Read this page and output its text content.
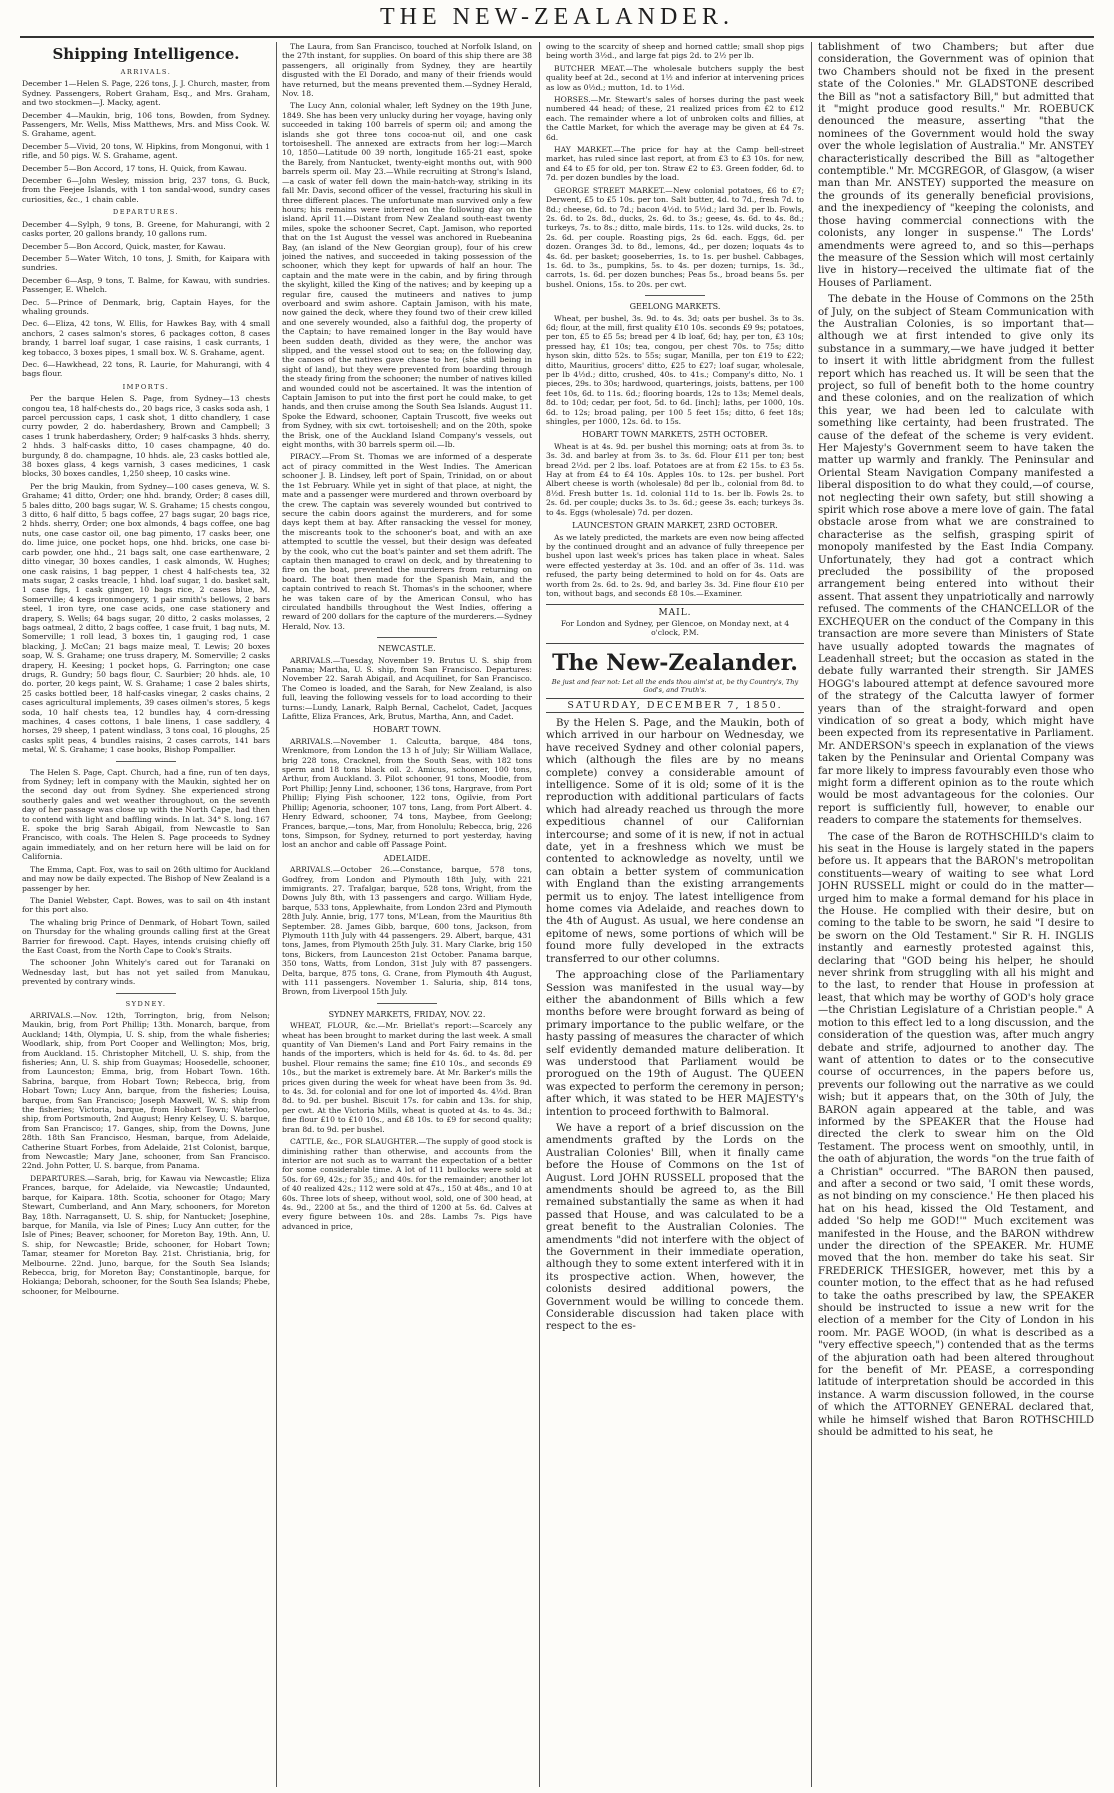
THE NEW-ZEALANDER.
Shipping Intelligence.
ARRIVALS.

December 1—Helen S. Page, 226 tons, J. J. Church, master, from Sydney. Passengers, Robert Graham, Esq., and Mrs. Graham, and two stockmen—J. Macky, agent.

December 4—Maukin, brig, 106 tons, Bowden, from Sydney. Passengers, Mr. Wells, Miss Matthews, Mrs. and Miss Cook. W. S. Grahame, agent.

December 5—Vivid, 20 tons, W. Hipkins, from Mongonui, with 1 rifle, and 50 pigs. W. S. Grahame, agent.

December 5—Bon Accord, 17 tons, H. Quick, from Kawau.

December 6—John Wesley, mission brig, 237 tons, G. Buck, from the Feejee Islands, with 1 ton sandal-wood, sundry cases curiosities, &c., 1 chain cable.

DEPARTURES.

December 4—Sylph, 9 tons, B. Greene, for Mahurangi, with 2 casks porter, 20 gallons brandy, 10 gallons rum.

December 5—Bon Accord, Quick, master, for Kawau.

December 5—Water Witch, 10 tons, J. Smith, for Kaipara with sundries.

December 6—Asp, 9 tons, T. Balme, for Kawau, with sundries. Passenger, E. Whelch.

Dec. 5—Prince of Denmark, brig, Captain Hayes, for the whaling grounds.

Dec. 6—Eliza, 42 tons, W. Ellis, for Hawkes Bay, with 4 small anchors, 2 cases salmon's stores, 6 packages cotton, 8 cases brandy, 1 barrel loaf sugar, 1 case raisins, 1 cask currants, 1 keg tobacco, 3 boxes pipes, 1 small box. W. S. Grahame, agent.

Dec. 6—Hawkhead, 22 tons, R. Laurie, for Mahurangi, with 4 bags flour.

IMPORTS.

Per the barque Helen S. Page, from Sydney—13 chests congou tea, 18 half-chests do., 20 bags rice, 3 casks soda ash, 1 parcel percussion caps, 1 cask shot, 1 ditto chandlery, 1 case curry powder, 2 do. haberdashery, Brown and Campbell; 3 cases 1 trunk haberdashery, Order; 9 half-casks 3 hhds. sherry, 2 hhds. 3 half-casks ditto, 10 cases champagne, 40 do. burgundy, 8 do. champagne, 10 hhds. ale, 23 casks bottled ale, 38 boxes glass, 4 kegs varnish, 3 cases medicines, 1 cask blocks, 30 boxes candles, 1,250 sheep, 10 casks wine.

Per the brig Maukin, from Sydney—100 cases geneva, W. S. Grahame; 41 ditto, Order; one hhd. brandy, Order; 8 cases dill, 5 bales ditto, 200 bags sugar, W. S. Grahame; 15 chests congou, 3 ditto, 6 half ditto, 5 bags coffee, 27 bags sugar, 20 bags rice, 2 hhds. sherry, Order; one box almonds, 4 bags coffee, one bag nuts, one case castor oil, one bag pimento, 17 casks beer, one do. lime juice, one pocket hops, one hhd. bricks, one case bi-carb powder, one hhd., 21 bags salt, one case earthenware, 2 ditto vinegar, 30 boxes candles, 1 cask almonds, W. Hughes; one cask raisins, 1 bag pepper, 1 chest 4 half-chests tea, 32 mats sugar, 2 casks treacle, 1 hhd. loaf sugar, 1 do. basket salt, 1 case figs, 1 cask ginger, 10 bags rice, 2 cases blue, M. Somerville; 4 kegs ironmongery, 1 pair smith's bellows, 2 bars steel, 1 iron tyre, one case acids, one case stationery and drapery, S. Wells; 64 bags sugar, 20 ditto, 2 casks molasses, 2 bags oatmeal, 2 ditto, 2 bags coffee, 1 case fruit, 1 bag nuts, M. Somerville; 1 roll lead, 3 boxes tin, 1 gauging rod, 1 case blacking, J. McCan; 21 bags maize meal, T. Lewis; 20 boxes soap, W. S. Grahame; one truss drapery, M. Somerville; 2 casks drapery, H. Keesing; 1 pocket hops, G. Farrington; one case drugs, R. Gundry; 50 bags flour, C. Saurbier; 20 hhds. ale, 10 do. porter, 20 kegs paint, W. S. Grahame; 1 case 2 bales shirts, 25 casks bottled beer, 18 half-casks vinegar, 2 casks chains, 2 cases agricultural implements, 39 cases oilmen's stores, 5 kegs soda, 10 half chests tea, 12 bundles hay, 4 corn-dressing machines, 4 cases cottons, 1 bale linens, 1 case saddlery, 4 horses, 29 sheep, 1 patent windlass, 3 tons coal, 16 ploughs, 25 casks split peas, 4 bundles raisins, 2 cases carrots, 141 bars metal, W. S. Grahame; 1 case books, Bishop Pompallier.

The Helen S. Page, Capt. Church, had a fine, run of ten days, from Sydney; left in company with the Maukin, sighted her on the second day out from Sydney. She experienced strong southerly gales and wet weather throughout, on the seventh day of her passage was close up with the North Cape, had then to contend with light and baffling winds. In lat. 34° S. long. 167 E. spoke the brig Sarah Abigail, from Newcastle to San Francisco, with coals. The Helen S. Page proceeds to Sydney again immediately, and on her return here will be laid on for California.

The Emma, Capt. Fox, was to sail on 26th ultimo for Auckland and may now be daily expected. The Bishop of New Zealand is a passenger by her.

The Daniel Webster, Capt. Bowes, was to sail on 4th instant for this port also.

The whaling brig Prince of Denmark, of Hobart Town, sailed on Thursday for the whaling grounds calling first at the Great Barrier for firewood. Capt. Hayes, intends cruising chiefly off the East Coast, from the North Cape to Cook's Straits.

The schooner John Whitely's cared out for Taranaki on Wednesday last, but has not yet sailed from Manukau, prevented by contrary winds.

SYDNEY.

ARRIVALS.—Nov. 12th, Torrington, brig, from Nelson; Maukin, brig, from Port Phillip; 13th. Monarch, barque, from Auckland; 14th, Olympia, U. S. ship, from the whale fisheries; Woodlark, ship, from Port Cooper and Wellington; Mos, brig, from Auckland. 15. Christopher Mitchell, U. S. ship, from the fisheries; Ann, U. S. ship from Guaymas; Hoosedelle, schooner, from Launceston; Emma, brig, from Hobart Town. 16th. Sabrina, barque, from Hobart Town; Rebecca, brig, from Hobart Town; Lucy Ann, barque, from the fisheries; Louisa, barque, from San Francisco; Joseph Maxwell, W. S. ship from the fisheries; Victoria, barque, from Hobart Town; Waterloo, ship, from Portsmouth, 2nd August; Henry Kelsey, U. S. barque, from San Francisco; 17. Ganges, ship, from the Downs, June 28th. 18th San Francisco, Hesman, barque, from Adelaide, Catherine Stuart Forbes, from Adelaide, 21st Colonist, barque, from Newcastle; Mary Jane, schooner, from San Francisco. 22nd. John Potter, U. S. barque, from Panama.

DEPARTURES.—Sarah, brig, for Kawau via Newcastle; Eliza Frances, barque, for Adelaide, via Newcastle; Undaunted, barque, for Kaipara. 18th. Scotia, schooner for Otago; Mary Stewart, Cumberland, and Ann Mary, schooners, for Moreton Bay, 18th. Narragansett, U. S. ship, for Nantucket; Josephine, barque, for Manila, via Isle of Pines; Lucy Ann cutter, for the Isle of Pines; Beaver, schooner, for Moreton Bay, 19th. Ann, U. S. ship, for Newcastle; Bride, schooner, for Hobart Town; Tamar, steamer for Moreton Bay. 21st. Christiania, brig, for Melbourne. 22nd. Juno, barque, for the South Sea Islands; Rebecca, brig, for Moreton Bay; Constantinople, barque, for Hokianga; Deborah, schooner, for the South Sea Islands; Phebe, schooner, for Melbourne.

The Laura, from San Francisco, touched at Norfolk Island, on the 27th instant, for supplies. On board of this ship there are 38 passengers, all originally from Sydney, they are heartily disgusted with the El Dorado, and many of their friends would have returned, but the means prevented them.—Sydney Herald, Nov. 18.

The Lucy Ann, colonial whaler, left Sydney on the 19th June, 1849. She has been very unlucky during her voyage, having only succeeded in taking 100 barrels of sperm oil; and among the islands she got three tons cocoa-nut oil, and one cask tortoiseshell. The annexed are extracts from her log:—March 10, 1850—Latitude 00 39 north, longitude 165·21 east, spoke the Barely, from Nantucket, twenty-eight months out, with 900 barrels sperm oil. May 23.—While recruiting at Strong's Island,—a cask of water fell down the main-hatch-way, striking in its fall Mr. Davis, second officer of the vessel, fracturing his skull in three different places. The unfortunate man survived only a few hours; his remains were interred on the following day on the island. April 11.—Distant from New Zealand south-east twenty miles, spoke the schooner Secret, Capt. Jamison, who reported that on the 1st August the vessel was anchored in Ruebeanina Bay, (an island of the New Georgian group), four of his crew joined the natives, and succeeded in taking possession of the schooner, which they kept for upwards of half an hour. The captain and the mate were in the cabin, and by firing through the skylight, killed the King of the natives; and by keeping up a regular fire, caused the mutineers and natives to jump overboard and swim ashore. Captain Jamison, with his mate, now gained the deck, where they found two of their crew killed and one severely wounded, also a faithful dog, the property of the Captain; to have remained longer in the Bay would have been sudden death, divided as they were, the anchor was slipped, and the vessel stood out to sea; on the following day, the canoes of the natives gave chase to her, (she still being in sight of land), but they were prevented from boarding through the steady firing from the schooner; the number of natives killed and wounded could not be ascertained. It was the intention of Captain Jamison to put into the first port he could make, to get hands, and then cruise among the South Sea Islands. August 11. Spoke the Edward, schooner, Captain Truscott, five weeks out from Sydney, with six cwt. tortoiseshell; and on the 20th, spoke the Brisk, one of the Auckland Island Company's vessels, out eight months, with 30 barrels sperm oil.—Ib.

PIRACY.—From St. Thomas we are informed of a desperate act of piracy committed in the West Indies. The American schooner J. B. Lindsey, left port of Spain, Trinidad, on or about the 1st February. While yet in sight of that place, at night, the mate and a passenger were murdered and thrown overboard by the crew. The captain was severely wounded but contrived to secure the cabin doors against the murderers, and for some days kept them at bay. After ransacking the vessel for money, the miscreants took to the schooner's boat, and with an axe attempted to scuttle the vessel, but their design was defeated by the cook, who cut the boat's painter and set them adrift. The captain then managed to crawl on deck, and by threatening to fire on the boat, prevented the murderers from returning on board. The boat then made for the Spanish Main, and the captain contrived to reach St. Thomas's in the schooner, where he was taken care of by the American Consul, who has circulated handbills throughout the West Indies, offering a reward of 200 dollars for the capture of the murderers.—Sydney Herald, Nov. 13.

NEWCASTLE.

ARRIVALS.—Tuesday, November 19. Brutus U. S. ship from Panama; Martha, U. S. ship, from San Francisco. Departures: November 22. Sarah Abigail, and Acquilinet, for San Francisco. The Comeo is loaded, and the Sarah, for New Zealand, is also full, leaving the following vessels for to load according to their turns:—Lundy, Lanark, Ralph Bernal, Cachelot, Cadet, Jacques Lafitte, Eliza Frances, Ark, Brutus, Martha, Ann, and Cadet.

HOBART TOWN.

ARRIVALS.—November 1. Calcutta, barque, 484 tons, Wrenkmore, from London the 13 h of July; Sir William Wallace, brig 228 tons, Cracknel, from the South Seas, with 182 tons sperm and 18 tons black oil. 2. Amicus, schooner, 100 tons, Arthur, from Auckland. 3. Pilot schooner, 91 tons, Moodie, from Port Phillip; Jenny Lind, schooner, 136 tons, Hargrave, from Port Phillip; Flying Fish schooner, 122 tons, Ogilvie, from Port Phillip; Agenoria, schooner, 107 tons, Lang, from Port Albert. 4. Henry Edward, schooner, 74 tons, Maybee, from Geelong; Frances, barque,—tons, Mar, from Honolulu; Rebecca, brig, 226 tons, Simpson, for Sydney, returned to port yesterday, having lost an anchor and cable off Passage Point.

ADELAIDE.

ARRIVALS.—October 26.—Constance, barque, 578 tons, Godfrey, from London and Plymouth 18th July, with 221 immigrants. 27. Trafalgar, barque, 528 tons, Wright, from the Downs July 8th, with 13 passengers and cargo. William Hyde, barque, 533 tons, Applewhaite, from London 23rd and Plymouth 28th July. Annie, brig, 177 tons, M'Lean, from the Mauritius 8th September. 28. James Gibb, barque, 600 tons, Jackson, from Plymouth 11th July with 44 passengers. 29. Albert, barque, 431 tons, James, from Plymouth 25th July. 31. Mary Clarke, brig 150 tons, Bickers, from Launceston 21st October. Panama barque, 350 tons, Watts, from London, 31st July with 87 passengers. Delta, barque, 875 tons, G. Crane, from Plymouth 4th August, with 111 passengers. November 1. Saluria, ship, 814 tons, Brown, from Liverpool 15th July.

SYDNEY MARKETS, FRIDAY, NOV. 22.

WHEAT, FLOUR, &c.—Mr. Briellat's report:—Scarcely any wheat has been brought to market during the last week. A small quantity of Van Diemen's Land and Port Fairy remains in the hands of the importers, which is held for 4s. 6d. to 4s. 8d. per bushel. Flour remains the same; fine £10 10s., and seconds £9 10s., but the market is extremely bare. At Mr. Barker's mills the prices given during the week for wheat have been from 3s. 9d. to 4s. 3d. for colonial and for one lot of imported 4s. 4½d. Bran 8d. to 9d. per bushel. Biscuit 17s. for cabin and 13s. for ship, per cwt. At the Victoria Mills, wheat is quoted at 4s. to 4s. 3d.; fine flour £10 to £10 10s., and £8 10s. to £9 for second quality; bran 8d. to 9d. per bushel.

CATTLE, &c., FOR SLAUGHTER.—The supply of good stock is diminishing rather than otherwise, and accounts from the interior are not such as to warrant the expectation of a better for some considerable time. A lot of 111 bullocks were sold at 50s. for 69, 42s.; for 35,; and 40s. for the remainder; another lot of 40 realized 42s.; 112 were sold at 47s., 150 at 48s., and 10 at 60s. Three lots of sheep, without wool, sold, one of 300 head, at 4s. 9d., 2200 at 5s., and the third of 1200 at 5s. 6d. Calves at every figure between 10s. and 28s. Lambs 7s. Pigs have advanced in price,

owing to the scarcity of sheep and horned cattle; small shop pigs being worth 3½d., and large fat pigs 2d. to 2½ per lb.

BUTCHER MEAT.—The wholesale butchers supply the best quality beef at 2d., second at 1½ and inferior at intervening prices as low as 0½d.; mutton, 1d. to 1½d.

HORSES.—Mr. Stewart's sales of horses during the past week numbered 44 head; of these, 21 realized prices from £2 to £12 each. The remainder where a lot of unbroken colts and fillies, at the Cattle Market, for which the average may be given at £4 7s. 6d.

HAY MARKET.—The price for hay at the Camp bell-street market, has ruled since last report, at from £3 to £3 10s. for new, and £4 to £5 for old, per ton. Straw £2 to £3. Green fodder, 6d. to 7d. per dozen bundles by the load.

GEORGE STREET MARKET.—New colonial potatoes, £6 to £7; Derwent, £5 to £5 10s. per ton. Salt butter, 4d. to 7d., fresh 7d. to 8d.; cheese, 6d. to 7d.; bacon 4½d. to 5½d.; lard 3d. per lb. Fowls, 2s. 6d. to 2s. 8d., ducks, 2s. 6d. to 3s.; geese, 4s. 6d. to 4s. 8d.; turkeys, 7s. to 8s.; ditto, male birds, 11s. to 12s. wild ducks, 2s. to 2s. 6d. per couple. Roasting pigs, 2s 6d. each. Eggs, 6d. per dozen. Oranges 3d. to 8d., lemons, 4d., per dozen; loquats 4s to 4s. 6d. per basket; gooseberries, 1s. to 1s. per bushel. Cabbages, 1s. 6d. to 3s., pumpkins, 5s. to 4s. per dozen; turnips, 1s. 3d., carrots, 1s. 6d. per dozen bunches; Peas 5s., broad beans 5s. per bushel. Onions, 15s. to 20s. per cwt.

GEELONG MARKETS.

Wheat, per bushel, 3s. 9d. to 4s. 3d; oats per bushel. 3s to 3s. 6d; flour, at the mill, first quality £10 10s. seconds £9 9s; potatoes, per ton, £5 to £5 5s; bread per 4 lb loaf, 6d; hay, per ton, £3 10s; pressed hay, £1 10s; tea, congou, per chest 70s. to 75s; ditto hyson skin, ditto 52s. to 55s; sugar, Manilla, per ton £19 to £22; ditto, Mauritius, grocers' ditto, £25 to £27; loaf sugar, wholesale, per lb 4½d.; ditto, crushed, 40s. to 41s.; Company's ditto, No. 1 pieces, 29s. to 30s; hardwood, quarterings, joists, battens, per 100 feet 10s, 6d. to 11s. 6d.; flooring boards, 12s to 13s; Memel deals, 8d. to 10d; cedar, per foot, 5d. to 6d. [inch]; laths, per 1000, 10s. 6d. to 12s; broad paling, per 100 5 feet 15s; ditto, 6 feet 18s; shingles, per 1000, 12s. 6d. to 15s.

HOBART TOWN MARKETS, 25TH OCTOBER.

Wheat is at 4s. 9d. per bushel this morning; oats at from 3s. to 3s. 3d. and barley at from 3s. to 3s. 6d. Flour £11 per ton; best bread 2½d. per 2 lbs. loaf. Potatoes are at from £2 15s. to £3 5s. Hay at from £4 to £4 10s. Apples 10s. to 12s. per bushel. Port Albert cheese is worth (wholesale) 8d per lb., colonial from 8d. to 8½d. Fresh butter 1s. 1d. colonial 11d to 1s. ber lb. Fowls 2s. to 2s. 6d. per couple; ducks 3s. to 3s. 6d.; geese 3s. each; turkeys 3s. to 4s. Eggs (wholesale) 7d. per dozen.

LAUNCESTON GRAIN MARKET, 23RD OCTOBER.

As we lately predicted, the markets are even now being affected by the continued drought and an advance of fully threepence per bushel upon last week's prices has taken place in wheat. Sales were effected yesterday at 3s. 10d. and an offer of 3s. 11d. was refused, the party being determined to hold on for 4s. Oats are worth from 2s. 6d. to 2s. 9d, and barley 3s. 3d. Fine flour £10 per ton, without bags, and seconds £8 10s.—Examiner.

MAIL.
For London and Sydney, per Glencoe, on Monday next, at 4 o'clock, P.M.
The New-Zealander.
Be just and fear not: Let all the ends thou aim'st at, be thy Country's, Thy God's, and Truth's.
SATURDAY, DECEMBER 7, 1850.

By the Helen S. Page, and the Maukin, both of which arrived in our harbour on Wednesday, we have received Sydney and other colonial papers, which (although the files are by no means complete) convey a considerable amount of intelligence. Some of it is old; some of it is the reproduction with additional particulars of facts which had already reached us through the more expeditious channel of our Californian intercourse; and some of it is new, if not in actual date, yet in a freshness which we must be contented to acknowledge as novelty, until we can obtain a better system of communication with England than the existing arrangements permit us to enjoy. The latest intelligence from home comes via Adelaide, and reaches down to the 4th of August. As usual, we here condense an epitome of news, some portions of which will be found more fully developed in the extracts transferred to our other columns.

The approaching close of the Parliamentary Session was manifested in the usual way—by either the abandonment of Bills which a few months before were brought forward as being of primary importance to the public welfare, or the hasty passing of measures the character of which self evidently demanded mature deliberation. It was understood that Parliament would be prorogued on the 19th of August. The QUEEN was expected to perform the ceremony in person; after which, it was stated to be HER MAJESTY's intention to proceed forthwith to Balmoral.

We have a report of a brief discussion on the amendments grafted by the Lords on the Australian Colonies' Bill, when it finally came before the House of Commons on the 1st of August. Lord JOHN RUSSELL proposed that the amendments should be agreed to, as the Bill remained substantially the same as when it had passed that House, and was calculated to be a great benefit to the Australian Colonies. The amendments "did not interfere with the object of the Government in their immediate operation, although they to some extent interfered with it in its prospective action. When, however, the colonists desired additional powers, the Government would be willing to concede them. Considerable discussion had taken place with respect to the es-

tablishment of two Chambers; but after due consideration, the Government was of opinion that two Chambers should not be fixed in the present state of the Colonies." Mr. GLADSTONE described the Bill as "not a satisfactory Bill," but admitted that it "might produce good results." Mr. ROEBUCK denounced the measure, asserting "that the nominees of the Government would hold the sway over the whole legislation of Australia." Mr. ANSTEY characteristically described the Bill as "altogether contemptible." Mr. MCGREGOR, of Glasgow, (a wiser man than Mr. ANSTEY) supported the measure on the grounds of its generally beneficial provisions, and the inexpediency of "keeping the colonists, and those having commercial connections with the colonists, any longer in suspense." The Lords' amendments were agreed to, and so this—perhaps the measure of the Session which will most certainly live in history—received the ultimate fiat of the Houses of Parliament.

The debate in the House of Commons on the 25th of July, on the subject of Steam Communication with the Australian Colonies, is so important that—although we at first intended to give only its substance in a summary,—we have judged it better to insert it with little abridgment from the fullest report which has reached us. It will be seen that the project, so full of benefit both to the home country and these colonies, and on the realization of which this year, we had been led to calculate with something like certainty, had been frustrated. The cause of the defeat of the scheme is very evident. Her Majesty's Government seem to have taken the matter up warmly and frankly. The Peninsular and Oriental Steam Navigation Company manifested a liberal disposition to do what they could,—of course, not neglecting their own safety, but still showing a spirit which rose above a mere love of gain. The fatal obstacle arose from what we are constrained to characterise as the selfish, grasping spirit of monopoly manifested by the East India Company. Unfortunately, they had got a contract which precluded the possibility of the proposed arrangement being entered into without their assent. That assent they unpatriotically and narrowly refused. The comments of the CHANCELLOR of the EXCHEQUER on the conduct of the Company in this transaction are more severe than Ministers of State have usually adopted towards the magnates of Leadenhall street; but the occasion as stated in the debate fully warranted their strength. Sir JAMES HOGG's laboured attempt at defence savoured more of the strategy of the Calcutta lawyer of former years than of the straight-forward and open vindication of so great a body, which might have been expected from its representative in Parliament. Mr. ANDERSON's speech in explanation of the views taken by the Peninsular and Oriental Company was far more likely to impress favourably even those who might form a different opinion as to the route which would be most advantageous for the colonies. Our report is sufficiently full, however, to enable our readers to compare the statements for themselves.

The case of the Baron de ROTHSCHILD's claim to his seat in the House is largely stated in the papers before us. It appears that the BARON's metropolitan constituents—weary of waiting to see what Lord JOHN RUSSELL might or could do in the matter—urged him to make a formal demand for his place in the House. He complied with their desire, but on coming to the table to be sworn, he said "I desire to be sworn on the Old Testament." Sir R. H. INGLIS instantly and earnestly protested against this, declaring that "GOD being his helper, he should never shrink from struggling with all his might and to the last, to render that House in profession at least, that which may be worthy of GOD's holy grace—the Christian Legislature of a Christian people." A motion to this effect led to a long discussion, and the consideration of the question was, after much angry debate and strife, adjourned to another day. The want of attention to dates or to the consecutive course of occurrences, in the papers before us, prevents our following out the narrative as we could wish; but it appears that, on the 30th of July, the BARON again appeared at the table, and was informed by the SPEAKER that the House had directed the clerk to swear him on the Old Testament. The process went on smoothly, until, in the oath of abjuration, the words "on the true faith of a Christian" occurred. "The BARON then paused, and after a second or two said, 'I omit these words, as not binding on my conscience.' He then placed his hat on his head, kissed the Old Testament, and added 'So help me GOD!'" Much excitement was manifested in the House, and the BARON withdrew under the direction of the SPEAKER. Mr. HUME moved that the hon. member do take his seat. Sir FREDERICK THESIGER, however, met this by a counter motion, to the effect that as he had refused to take the oaths prescribed by law, the SPEAKER should be instructed to issue a new writ for the election of a member for the City of London in his room. Mr. PAGE WOOD, (in what is described as a "very effective speech,") contended that as the terms of the abjuration oath had been altered throughout for the benefit of Mr. PEASE, a corresponding latitude of interpretation should be accorded in this instance. A warm discussion followed, in the course of which the ATTORNEY GENERAL declared that, while he himself wished that Baron ROTHSCHILD should be admitted to his seat, he
